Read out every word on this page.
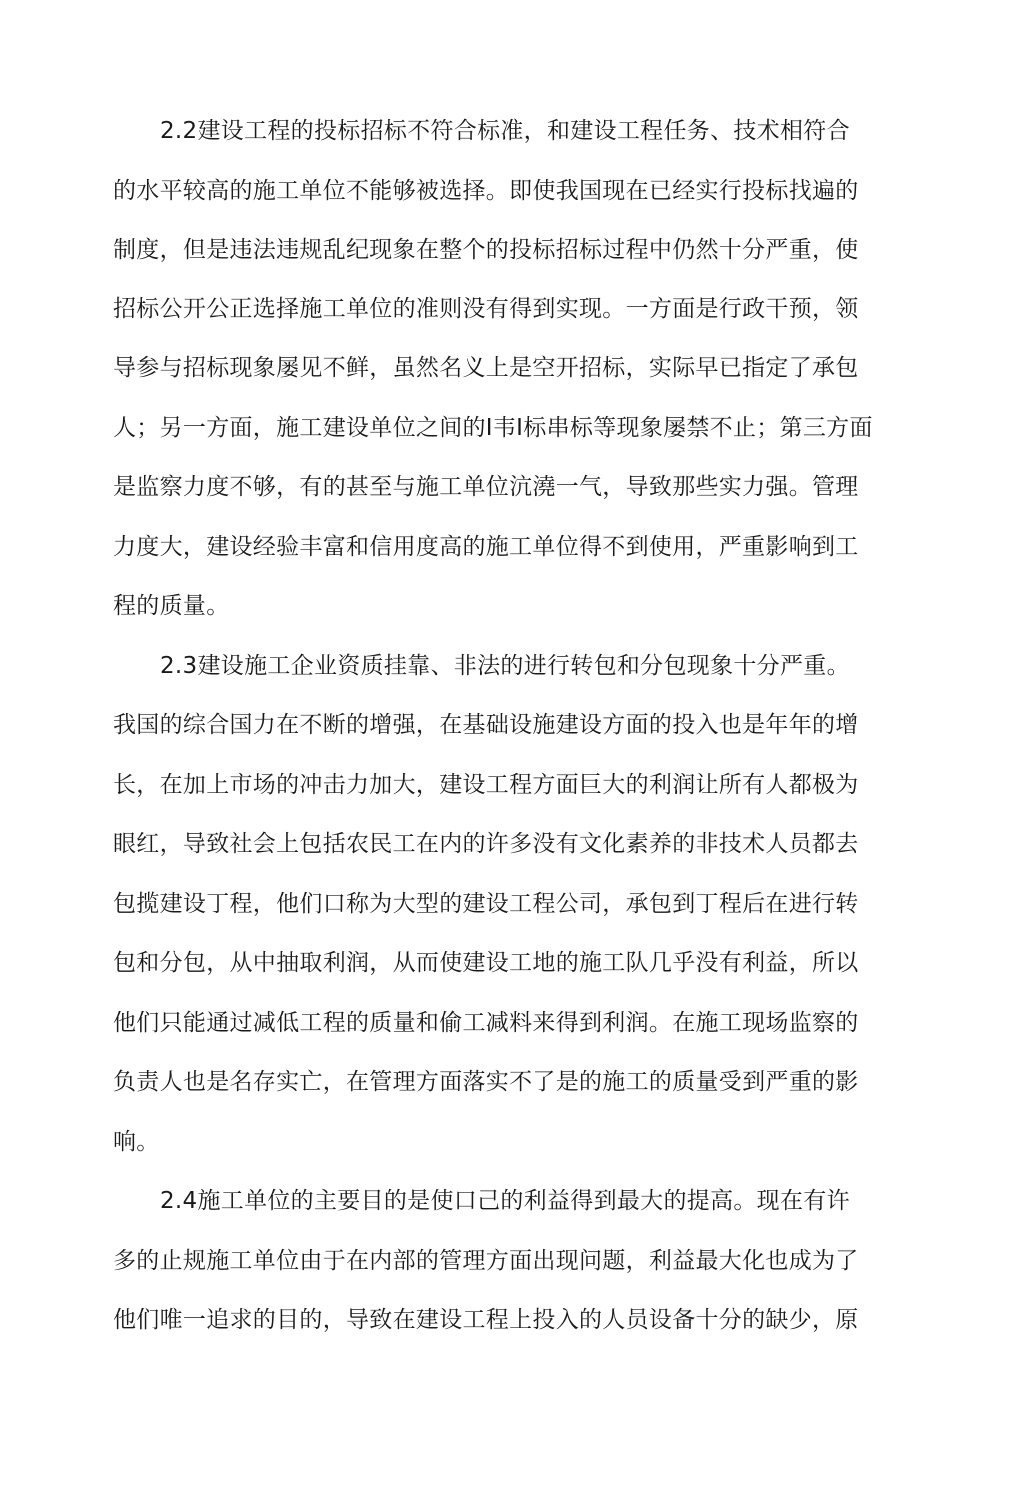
2.2建设工程的投标招标不符合标准，和建设工程任务、技术相符合
的水平较高的施工单位不能够被选择。即使我国现在已经实行投标找遍的
制度，但是违法违规乱纪现象在整个的投标招标过程中仍然十分严重，使
招标公开公正选择施工单位的准则没有得到实现。一方面是行政干预，领
导参与招标现象屡见不鲜，虽然名义上是空开招标，实际早已指定了承包
人；另一方面，施工建设单位之间的I韦I标串标等现象屡禁不止；第三方面
是监察力度不够，有的甚至与施工单位沆澆一气，导致那些实力强。管理
力度大，建设经验丰富和信用度高的施工单位得不到使用，严重影响到工
程的质量。
2.3建设施工企业资质挂靠、非法的进行转包和分包现象十分严重。
我国的综合国力在不断的增强，在基础设施建设方面的投入也是年年的增
长，在加上市场的冲击力加大，建设工程方面巨大的利润让所有人都极为
眼红，导致社会上包括农民工在内的许多没有文化素养的非技术人员都去
包揽建设丁程，他们口称为大型的建设工程公司，承包到丁程后在进行转
包和分包，从中抽取利润，从而使建设工地的施工队几乎没有利益，所以
他们只能通过减低工程的质量和偷工减料来得到利润。在施工现场监察的
负责人也是名存实亡，在管理方面落实不了是的施工的质量受到严重的影
响。
2.4施工单位的主要目的是使口己的利益得到最大的提高。现在有许
多的止规施工单位由于在内部的管理方面出现问题，利益最大化也成为了
他们唯一追求的目的，导致在建设工程上投入的人员设备十分的缺少，原
